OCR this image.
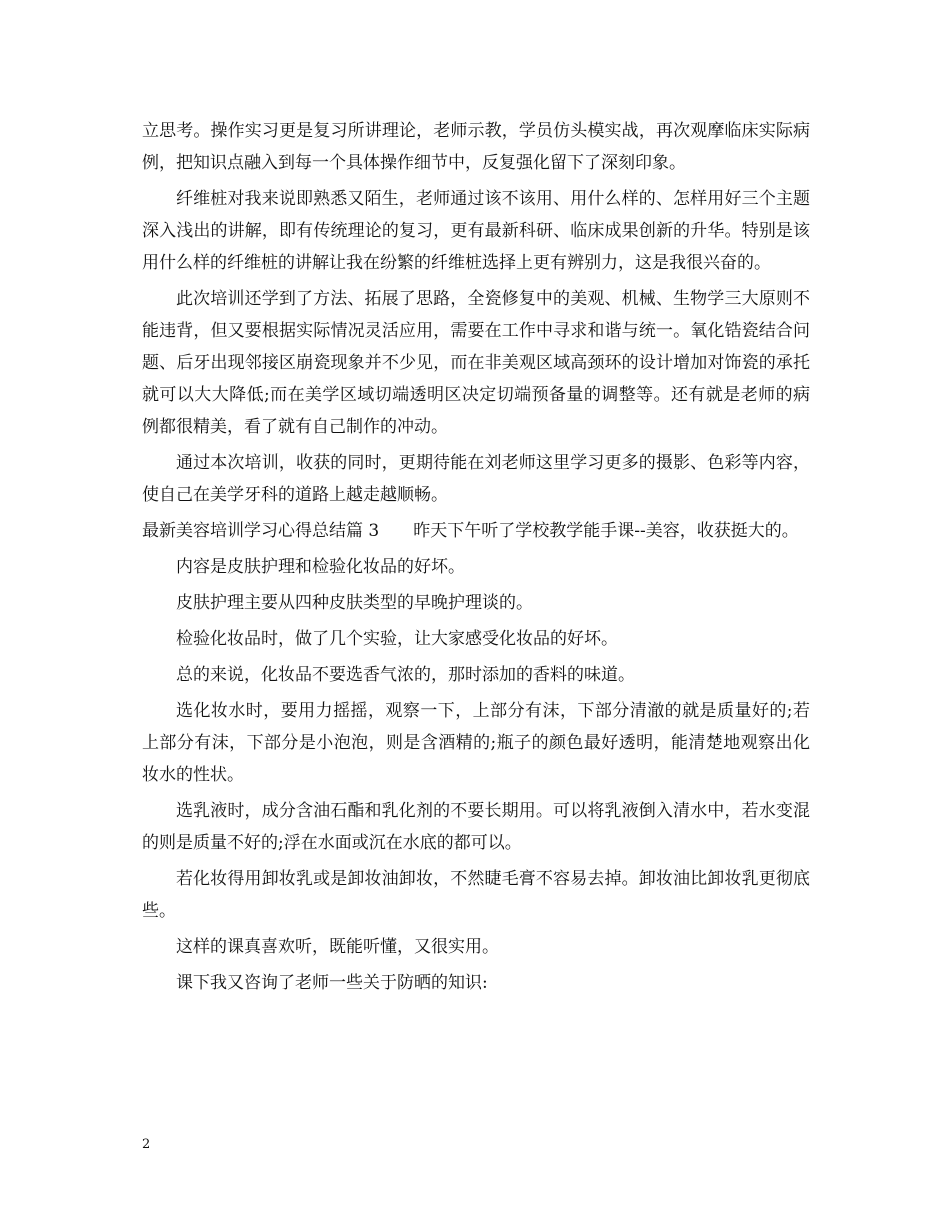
立思考。操作实习更是复习所讲理论，老师示教，学员仿头模实战，再次观摩临床实际病例，把知识点融入到每一个具体操作细节中，反复强化留下了深刻印象。

纤维桩对我来说即熟悉又陌生，老师通过该不该用、用什么样的、怎样用好三个主题深入浅出的讲解，即有传统理论的复习，更有最新科研、临床成果创新的升华。特别是该用什么样的纤维桩的讲解让我在纷繁的纤维桩选择上更有辨别力，这是我很兴奋的。

此次培训还学到了方法、拓展了思路，全瓷修复中的美观、机械、生物学三大原则不能违背，但又要根据实际情况灵活应用，需要在工作中寻求和谐与统一。氧化锆瓷结合问题、后牙出现邻接区崩瓷现象并不少见，而在非美观区域高颈环的设计增加对饰瓷的承托就可以大大降低;而在美学区域切端透明区决定切端预备量的调整等。还有就是老师的病例都很精美，看了就有自己制作的冲动。

通过本次培训，收获的同时，更期待能在刘老师这里学习更多的摄影、色彩等内容，使自己在美学牙科的道路上越走越顺畅。

最新美容培训学习心得总结篇 3　　昨天下午听了学校教学能手课--美容，收获挺大的。

内容是皮肤护理和检验化妆品的好坏。

皮肤护理主要从四种皮肤类型的早晚护理谈的。

检验化妆品时，做了几个实验，让大家感受化妆品的好坏。

总的来说，化妆品不要选香气浓的，那时添加的香料的味道。

选化妆水时，要用力摇摇，观察一下，上部分有沫，下部分清澈的就是质量好的;若上部分有沫，下部分是小泡泡，则是含酒精的;瓶子的颜色最好透明，能清楚地观察出化妆水的性状。

选乳液时，成分含油石酯和乳化剂的不要长期用。可以将乳液倒入清水中，若水变混的则是质量不好的;浮在水面或沉在水底的都可以。

若化妆得用卸妆乳或是卸妆油卸妆，不然睫毛膏不容易去掉。卸妆油比卸妆乳更彻底些。

这样的课真喜欢听，既能听懂，又很实用。

课下我又咨询了老师一些关于防晒的知识:

2
